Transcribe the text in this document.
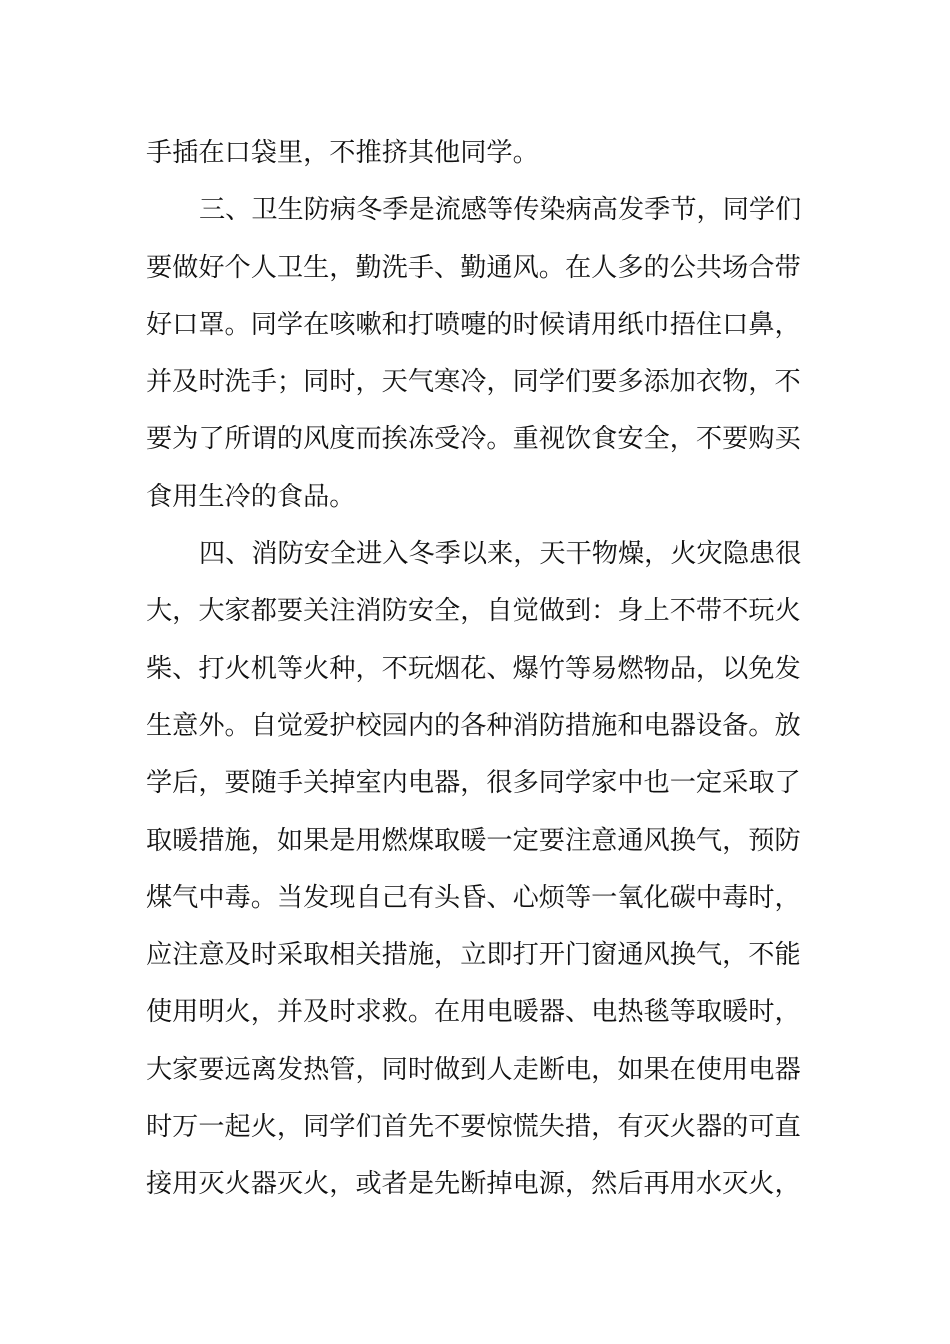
手插在口袋里，不推挤其他同学。
三、卫生防病冬季是流感等传染病高发季节，同学们
要做好个人卫生，勤洗手、勤通风。在人多的公共场合带
好口罩。同学在咳嗽和打喷嚏的时候请用纸巾捂住口鼻，
并及时洗手；同时，天气寒冷，同学们要多添加衣物，不
要为了所谓的风度而挨冻受冷。重视饮食安全，不要购买
食用生冷的食品。
四、消防安全进入冬季以来，天干物燥，火灾隐患很
大，大家都要关注消防安全，自觉做到：身上不带不玩火
柴、打火机等火种，不玩烟花、爆竹等易燃物品，以免发
生意外。自觉爱护校园内的各种消防措施和电器设备。放
学后，要随手关掉室内电器，很多同学家中也一定采取了
取暖措施，如果是用燃煤取暖一定要注意通风换气，预防
煤气中毒。当发现自己有头昏、心烦等一氧化碳中毒时，
应注意及时采取相关措施，立即打开门窗通风换气，不能
使用明火，并及时求救。在用电暖器、电热毯等取暖时，
大家要远离发热管，同时做到人走断电，如果在使用电器
时万一起火，同学们首先不要惊慌失措，有灭火器的可直
接用灭火器灭火，或者是先断掉电源，然后再用水灭火，
